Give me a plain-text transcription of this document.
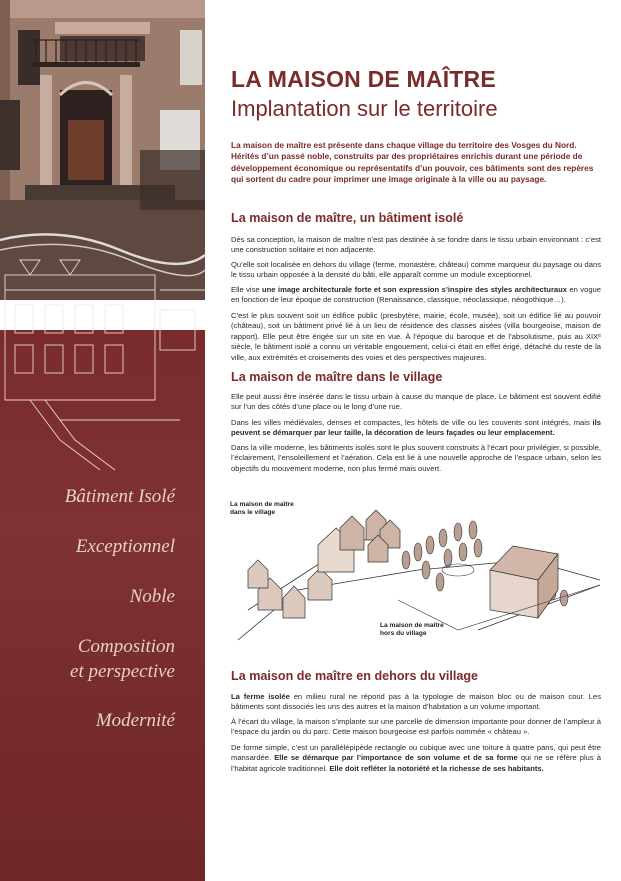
Bâtiment Isolé

Exceptionnel

Noble

Composition

et perspective

Modernité

LA MAISON DE MAÎTRE
Implantation sur le territoire

La maison de maître est présente dans chaque village du territoire des Vosges du Nord. Hérités d’un passé noble, construits par des propriétaires enrichis durant une période de développement économique ou représentatifs d’un pouvoir, ces bâtiments sont des repères qui sortent du cadre pour imprimer une image originale à la ville ou au paysage.

La maison de maître, un bâtiment isolé

Dès sa conception, la maison de maître n’est pas destinée à se fondre dans le tissu urbain environnant : c’est une construction solitaire et non adjacente.

Qu’elle soit localisée en dehors du village (ferme, monastère, château) comme marqueur du paysage ou dans le tissu urbain opposée à la densité du bâti, elle apparaît comme un module exceptionnel.

Elle vise une image architecturale forte et son expression s’inspire des styles architecturaux en vogue en fonction de leur époque de construction (Renaissance, classique, néoclassique, néogothique…).

C’est le plus souvent soit un édifice public (presbytère, mairie, école, musée), soit un édifice lié au pouvoir (château), soit un bâtiment privé lié à un lieu de résidence des classes aisées (villa bourgeoise, maison de rapport). Elle peut être érigée sur un site en vue. À l’époque du baroque et de l’absolutisme, puis au XIXᵉ siècle, le bâtiment isolé a connu un véritable engouement, celui-ci était en effet érigé, détaché du reste de la ville, aux extrémités et croisements des voies et des perspectives majeures.

La maison de maître dans le village

Elle peut aussi être insérée dans le tissu urbain à cause du manque de place. Le bâtiment est souvent édifié sur l’un des côtés d’une place ou le long d’une rue.

Dans les villes médiévales, denses et compactes, les hôtels de ville ou les couvents sont intégrés, mais ils peuvent se démarquer par leur taille, la décoration de leurs façades ou leur emplacement.

Dans la ville moderne, les bâtiments isolés sont le plus souvent construits à l’écart pour privilégier, si possible, l’éclairement, l’ensoleillement et l’aération. Cela est lié à une nouvelle approche de l’espace urbain, selon les objectifs du mouvement moderne, non plus fermé mais ouvert.

La maison de maître
dans le village
La maison de maître
hors du village
La maison de maître en dehors du village

La ferme isolée en milieu rural ne répond pas à la typologie de maison bloc ou de maison cour. Les bâtiments sont dissociés les uns des autres et la maison d’habitation a un volume important.

À l’écart du village, la maison s’implante sur une parcelle de dimension importante pour donner de l’ampleur à l’espace du jardin ou du parc. Cette maison bourgeoise est parfois nommée « château ».

De forme simple, c’est un parallélépipède rectangle ou cubique avec une toiture à quatre pans, qui peut être mansardée. Elle se démarque par l’importance de son volume et de sa forme qui ne se réfère plus à l’habitat agricole traditionnel. Elle doit refléter la notoriété et la richesse de ses habitants.
